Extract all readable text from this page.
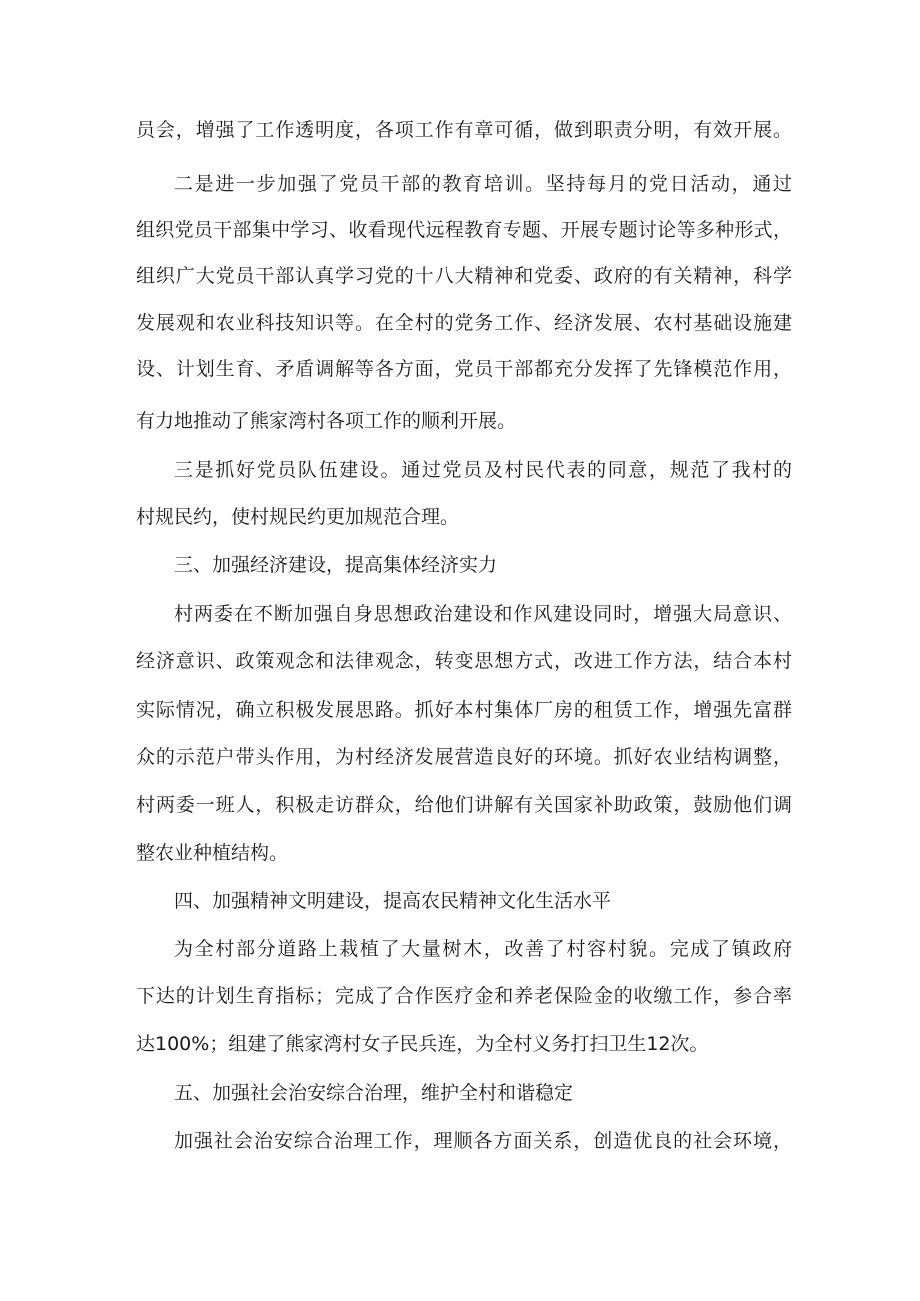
员会，增强了工作透明度，各项工作有章可循，做到职责分明，有效开展。
二是进一步加强了党员干部的教育培训。坚持每月的党日活动，通过
组织党员干部集中学习、收看现代远程教育专题、开展专题讨论等多种形式，
组织广大党员干部认真学习党的十八大精神和党委、政府的有关精神，科学
发展观和农业科技知识等。在全村的党务工作、经济发展、农村基础设施建
设、计划生育、矛盾调解等各方面，党员干部都充分发挥了先锋模范作用，
有力地推动了熊家湾村各项工作的顺利开展。
三是抓好党员队伍建设。通过党员及村民代表的同意，规范了我村的
村规民约，使村规民约更加规范合理。
三、加强经济建设，提高集体经济实力
村两委在不断加强自身思想政治建设和作风建设同时，增强大局意识、
经济意识、政策观念和法律观念，转变思想方式，改进工作方法，结合本村
实际情况，确立积极发展思路。抓好本村集体厂房的租赁工作，增强先富群
众的示范户带头作用，为村经济发展营造良好的环境。抓好农业结构调整，
村两委一班人，积极走访群众，给他们讲解有关国家补助政策，鼓励他们调
整农业种植结构。
四、加强精神文明建设，提高农民精神文化生活水平
为全村部分道路上栽植了大量树木，改善了村容村貌。完成了镇政府
下达的计划生育指标；完成了合作医疗金和养老保险金的收缴工作，参合率
达100%；组建了熊家湾村女子民兵连，为全村义务打扫卫生12次。
五、加强社会治安综合治理，维护全村和谐稳定
加强社会治安综合治理工作，理顺各方面关系，创造优良的社会环境，
